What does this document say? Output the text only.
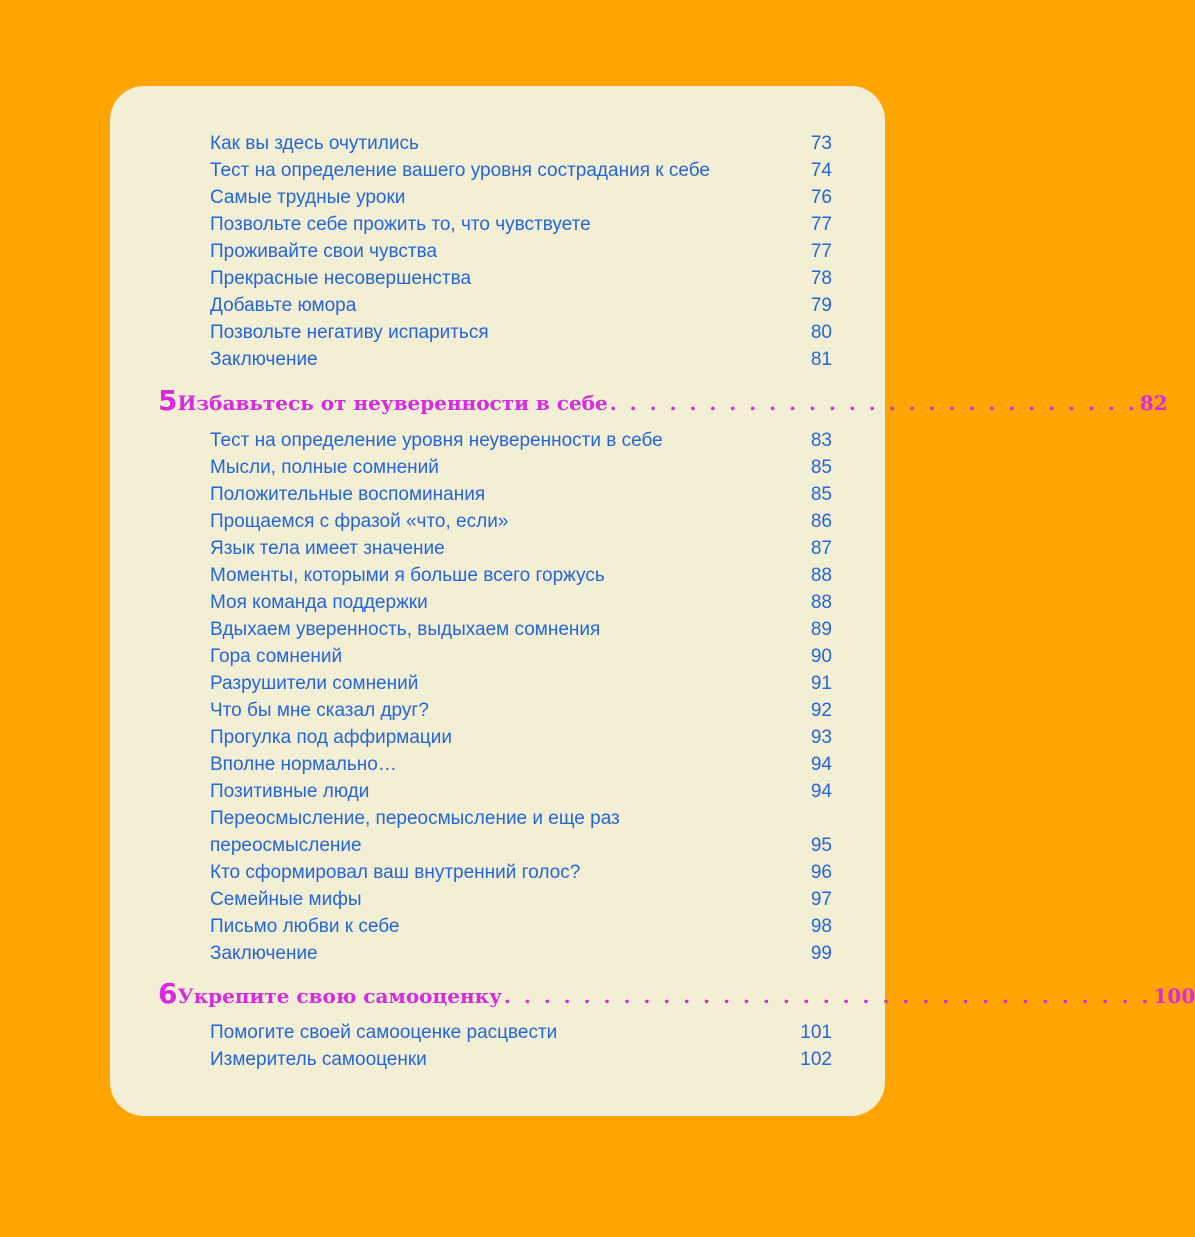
Как вы здесь очутились	73
Тест на определение вашего уровня сострадания к себе	74
Самые трудные уроки	76
Позвольте себе прожить то, что чувствуете	77
Проживайте свои чувства	77
Прекрасные несовершенства	78
Добавьте юмора	79
Позвольте негативу испариться	80
Заключение	81
5 Избавьтесь от неуверенности в себе . . . . . . . . . . . . . . . . . . . . . . . . . . . 82
Тест на определение уровня неуверенности в себе	83
Мысли, полные сомнений	85
Положительные воспоминания	85
Прощаемся с фразой «что, если»	86
Язык тела имеет значение	87
Моменты, которыми я больше всего горжусь	88
Моя команда поддержки	88
Вдыхаем уверенность, выдыхаем сомнения	89
Гора сомнений	90
Разрушители сомнений	91
Что бы мне сказал друг?	92
Прогулка под аффирмации	93
Вполне нормально…	94
Позитивные люди	94
Переосмысление, переосмысление и еще раз переосмысление	95
Кто сформировал ваш внутренний голос?	96
Семейные мифы	97
Письмо любви к себе	98
Заключение	99
6 Укрепите свою самооценку . . . . . . . . . . . . . . . . . . . . . . . . . . . . . . . . . 100
Помогите своей самооценке расцвести	101
Измеритель самооценки	102
